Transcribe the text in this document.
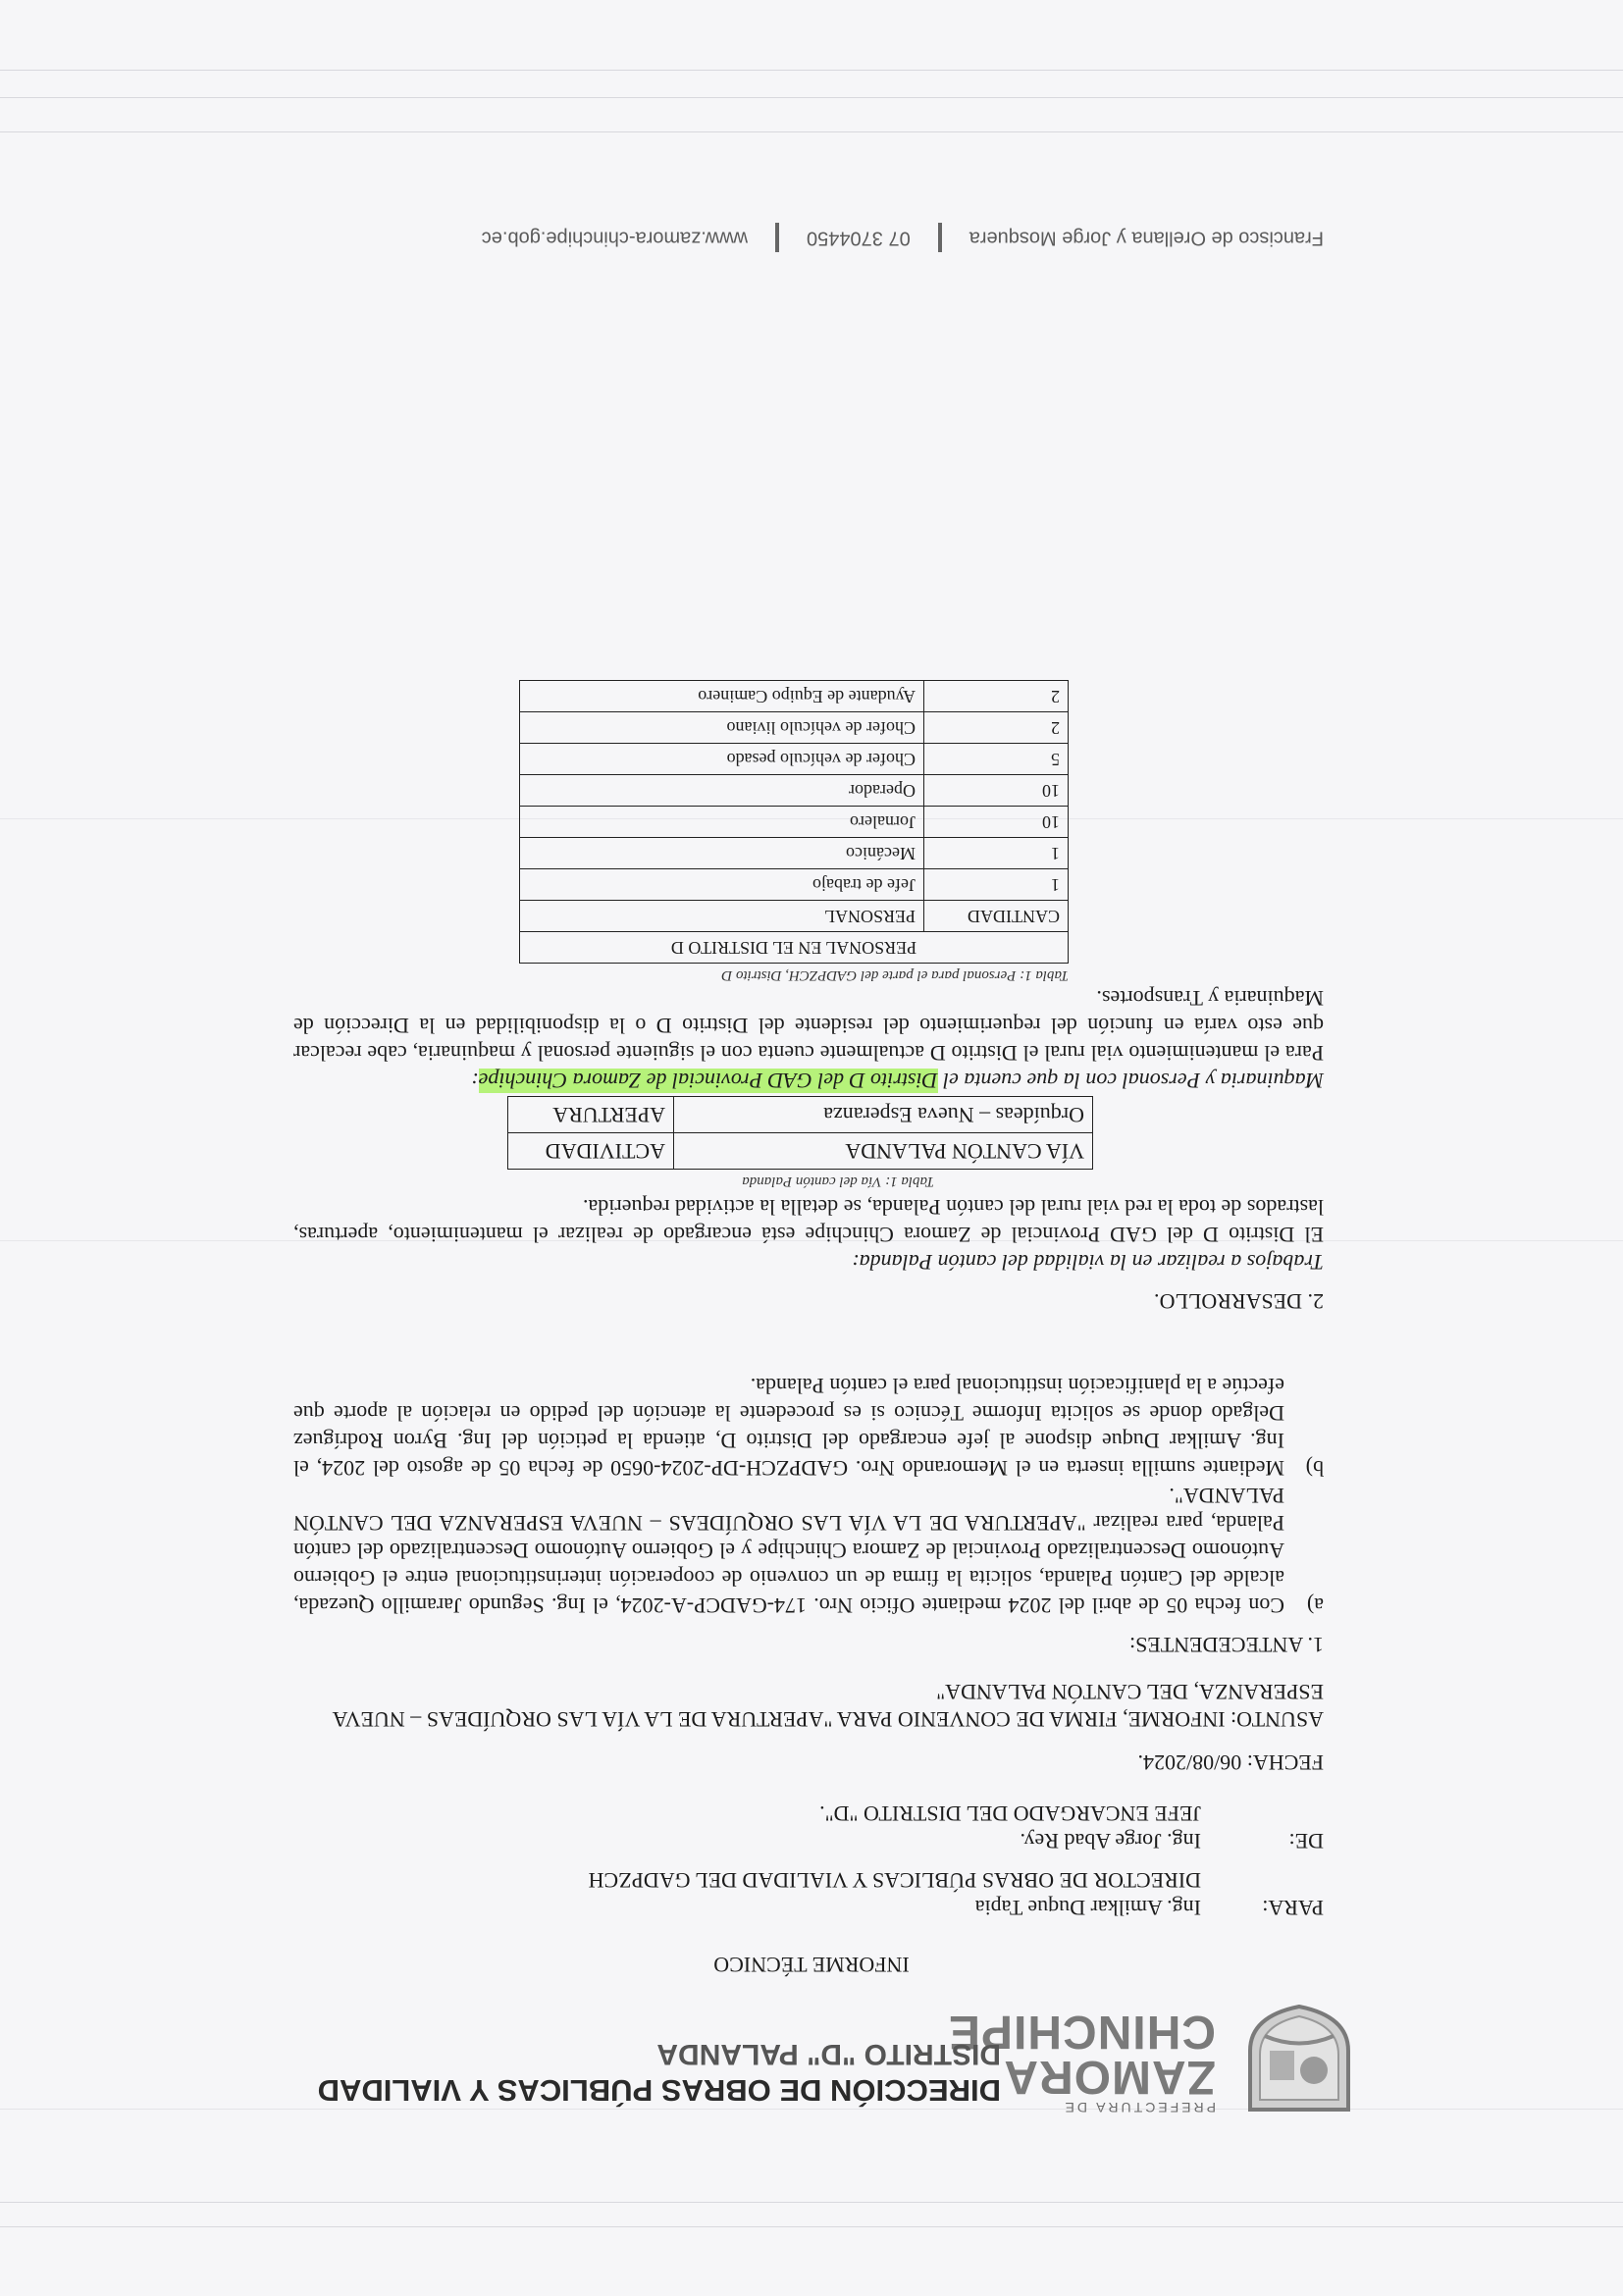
PREFECTURA DE
ZAMORA
CHINCHIPE
DIRECCIÓN DE OBRAS PÚBLICAS Y VIALIDAD
DISTRITO "D" PALANDA
INFORME TÉCNICO
PARA:
Ing. Amilkar Duque Tapia
DIRECTOR DE OBRAS PÚBLICAS Y VIALIDAD DEL GADPZCH
DE:
Ing. Jorge Abad Rey.
JEFE ENCARGADO DEL DISTRITO "D".
FECHA: 06/08/2024.
ASUNTO: INFORME, FIRMA DE CONVENIO PARA "APERTURA DE LA VÍA LAS ORQUÍDEAS – NUEVA
ESPERANZA, DEL CANTÓN PALANDA"
1. ANTECEDENTES:
a)
Con fecha 05 de abril del 2024 mediante Oficio Nro. 174-GADCP-A-2024, el Ing. Segundo Jaramillo Quezada, alcalde del Cantón Palanda, solicita la firma de un convenio de cooperación interinstitucional entre el Gobierno Autónomo Descentralizado Provincial de Zamora Chinchipe y el Gobierno Autónomo Descentralizado del cantón Palanda, para realizar "APERTURA DE LA VÍA LAS ORQUÍDEAS – NUEVA ESPERANZA DEL CANTÓN PALANDA".
b)
Mediante sumilla inserta en el Memorando Nro. GADPZCH-DP-2024-0650 de fecha 05 de agosto del 2024, el Ing. Amilkar Duque dispone al jefe encargado del Distrito D, atienda la petición del Ing. Byron Rodríguez Delgado donde se solicita Informe Técnico si es procedente la atención del pedido en relación al aporte que efectúe a la planificación institucional para el cantón Palanda.
2. DESARROLLO.
Trabajos a realizar en la vialidad del cantón Palanda:
El Distrito D del GAD Provincial de Zamora Chinchipe está encargado de realizar el mantenimiento, aperturas, lastrados de toda la red vial rural del cantón Palanda, se detalla la actividad requerida.
Tabla 1: Vía del cantón Palanda
VÍA CANTÓN PALANDA	ACTIVIDAD
Orquídeas – Nueva Esperanza	APERTURA
Maquinaria y Personal con la que cuenta el Distrito D del GAD Provincial de Zamora Chinchipe:
Para el mantenimiento vial rural el Distrito D actualmente cuenta con el siguiente personal y maquinaria, cabe recalcar que esto varía en función del requerimiento del residente del Distrito D o la disponibilidad en la Dirección de Maquinaria y Transportes.
Tabla 1: Personal para el parte del GADPZCH, Distrito D
PERSONAL EN EL DISTRITO D	
CANTIDAD	PERSONAL
1	Jefe de trabajo
1	Mecánico
10	Jornalero
10	Operador
5	Chofer de vehículo pesado
2	Chofer de vehículo liviano
2	Ayudante de Equipo Caminero
Francisco de Orellana y Jorge Mosquera07 3704450www.zamora-chinchipe.gob.ec
